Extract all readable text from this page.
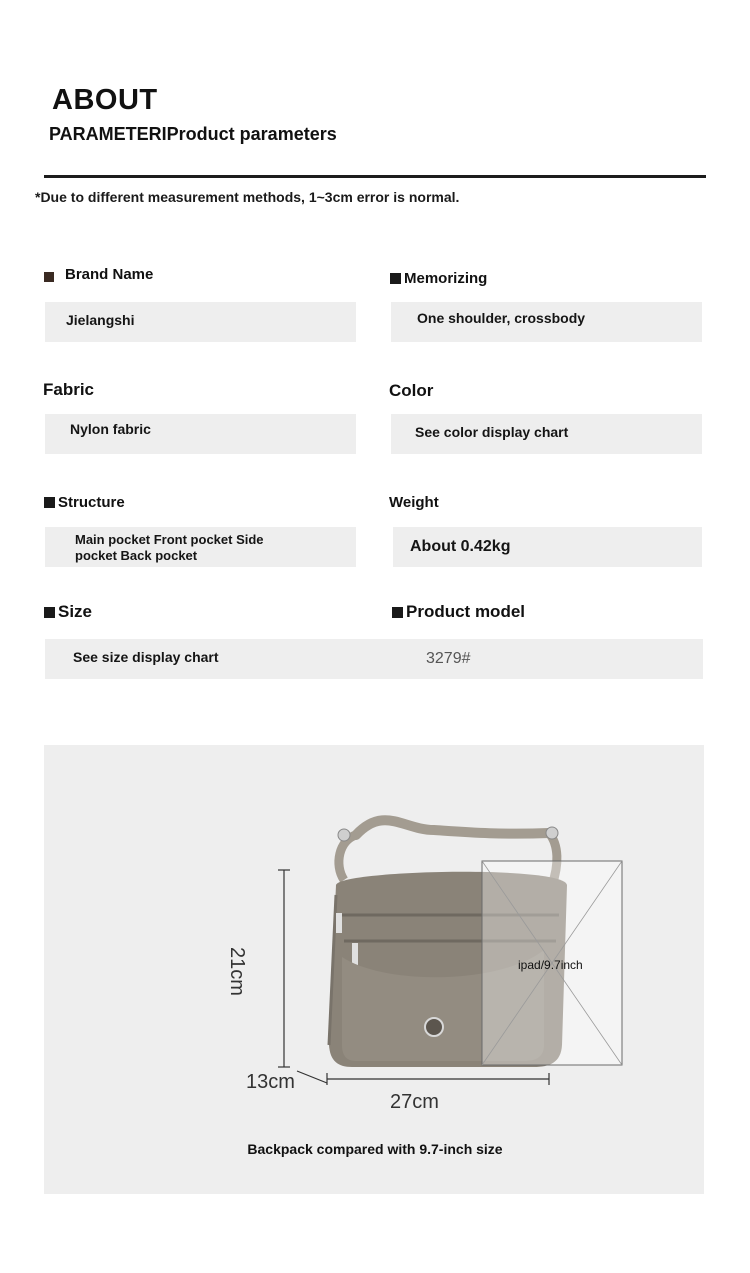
ABOUT
PARAMETERIProduct parameters
*Due to different measurement methods, 1~3cm error is normal.
Brand Name
Jielangshi
Memorizing
One shoulder, crossbody
Fabric
Nylon fabric
Color
See color display chart
Structure
Main pocket Front pocket Side pocket Back pocket
Weight
About 0.42kg
Size
See size display chart	3279#
Product model
21cm
13cm
27cm
ipad/9.7inch
Backpack compared with 9.7-inch size
